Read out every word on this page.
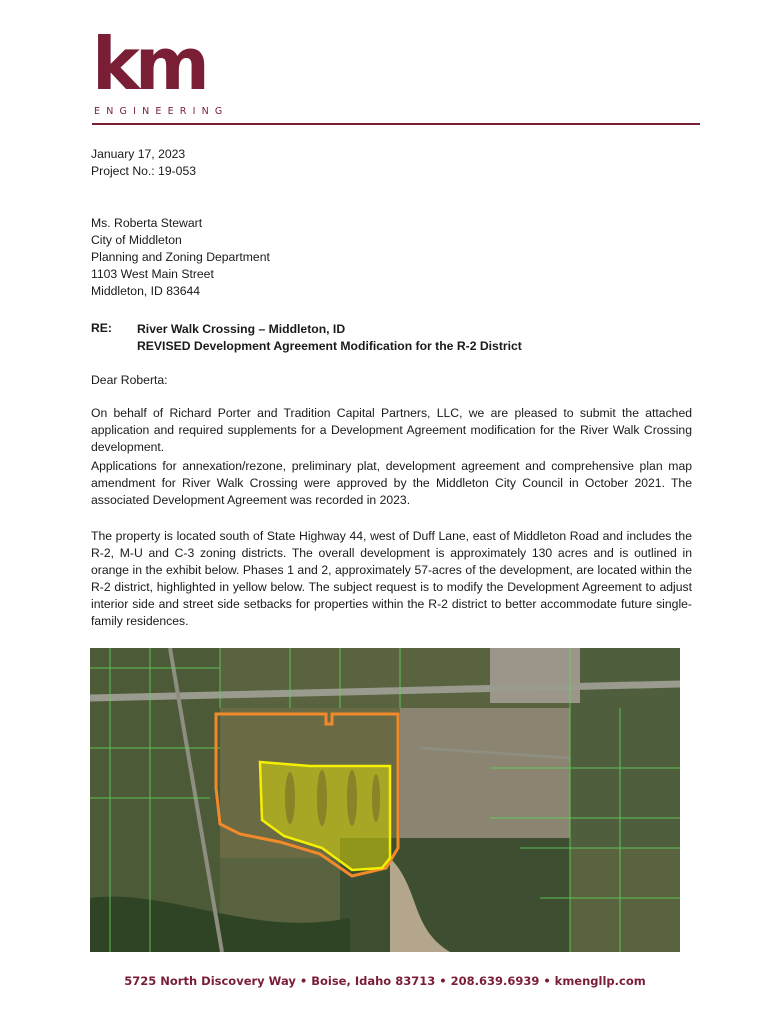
km
ENGINEERING
January 17, 2023
Project No.: 19-053
Ms. Roberta Stewart
City of Middleton
Planning and Zoning Department
1103 West Main Street
Middleton, ID 83644
RE: River Walk Crossing – Middleton, ID
REVISED Development Agreement Modification for the R-2 District
Dear Roberta:
On behalf of Richard Porter and Tradition Capital Partners, LLC, we are pleased to submit the attached application and required supplements for a Development Agreement modification for the River Walk Crossing development.
Applications for annexation/rezone, preliminary plat, development agreement and comprehensive plan map amendment for River Walk Crossing were approved by the Middleton City Council in October 2021. The associated Development Agreement was recorded in 2023.
The property is located south of State Highway 44, west of Duff Lane, east of Middleton Road and includes the R-2, M-U and C-3 zoning districts. The overall development is approximately 130 acres and is outlined in orange in the exhibit below. Phases 1 and 2, approximately 57-acres of the development, are located within the R-2 district, highlighted in yellow below. The subject request is to modify the Development Agreement to adjust interior side and street side setbacks for properties within the R-2 district to better accommodate future single-family residences.
5725 North Discovery Way • Boise, Idaho 83713 • 208.639.6939 • kmengllp.com
